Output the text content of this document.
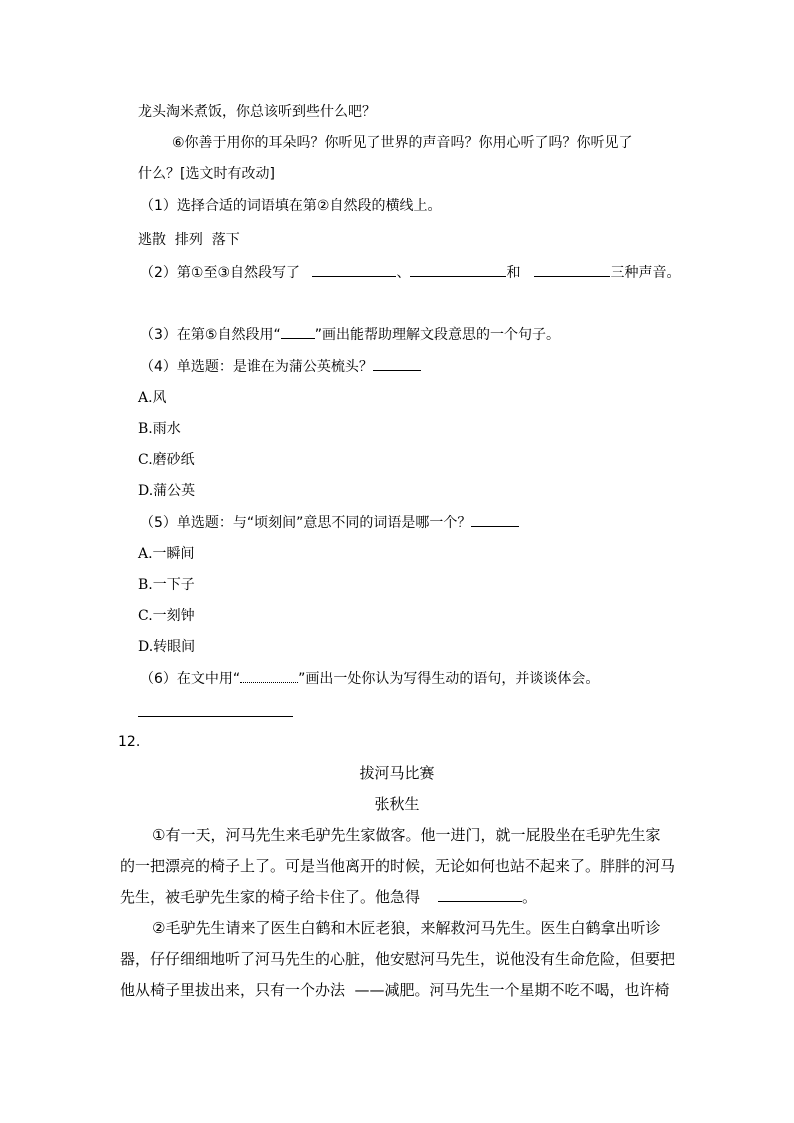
龙头淘米煮饭，你总该听到些什么吧？
⑥你善于用你的耳朵吗？你听见了世界的声音吗？你用心听了吗？你听见了
什么？[选文时有改动]
（1）选择合适的词语填在第②自然段的横线上。
逃散  排列  落下
（2）第①至③自然段写了	、	和	三种声音。
（3）在第⑤自然段用“ ”画出能帮助理解文段意思的一个句子。
（4）单选题：是谁在为蒲公英梳头？
A.风
B.雨水
C.磨砂纸
D.蒲公英
（5）单选题：与“顷刻间”意思不同的词语是哪一个？
A.一瞬间
B.一下子
C.一刻钟
D.转眼间
（6）在文中用“	”画出一处你认为写得生动的语句，并谈谈体会。
12.
拔河马比赛
张秋生
①有一天，河马先生来毛驴先生家做客。他一进门，就一屁股坐在毛驴先生家
的一把漂亮的椅子上了。可是当他离开的时候，无论如何也站不起来了。胖胖的河马
先生，被毛驴先生家的椅子给卡住了。他急得	。
②毛驴先生请来了医生白鹤和木匠老狼，来解救河马先生。医生白鹤拿出听诊
器，仔仔细细地听了河马先生的心脏，他安慰河马先生，说他没有生命危险，但要把
他从椅子里拔出来，只有一个办法  ——减肥。河马先生一个星期不吃不喝，也许椅
